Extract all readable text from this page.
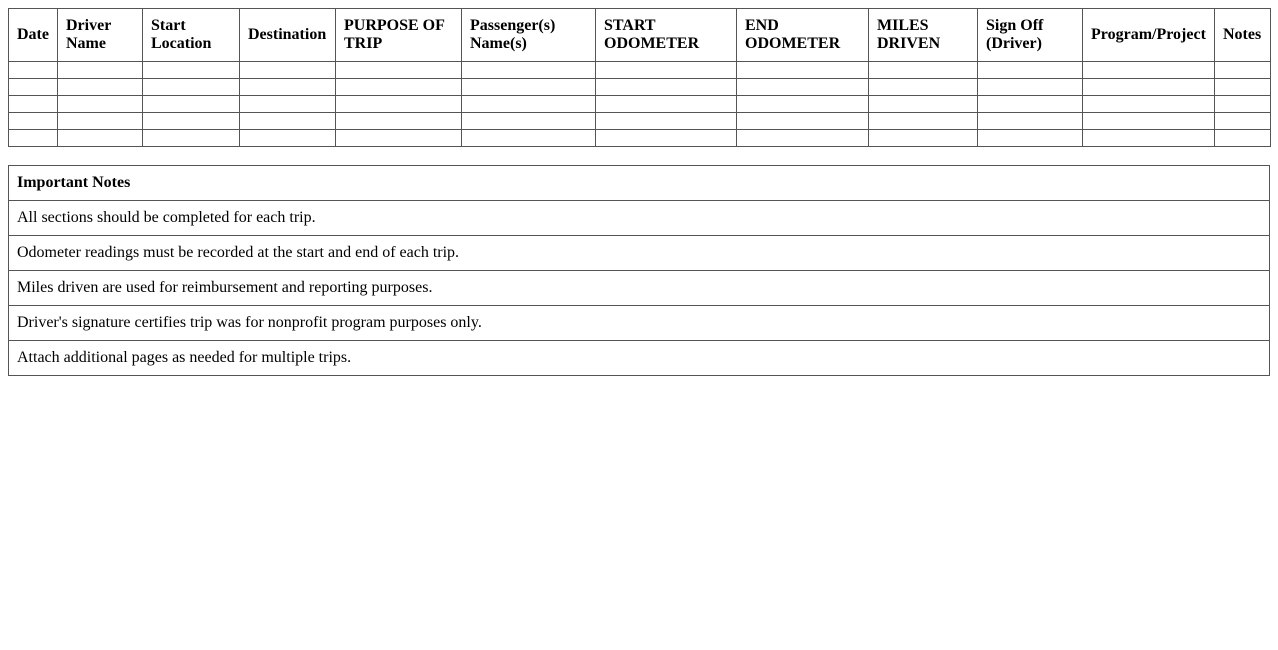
Date	Driver Name	Start Location	Destination	PURPOSE OF TRIP	Passenger(s) Name(s)	START ODOMETER	END ODOMETER	MILES DRIVEN	Sign Off (Driver)	Program/Project	Notes

Important Notes
All sections should be completed for each trip.
Odometer readings must be recorded at the start and end of each trip.
Miles driven are used for reimbursement and reporting purposes.
Driver's signature certifies trip was for nonprofit program purposes only.
Attach additional pages as needed for multiple trips.
